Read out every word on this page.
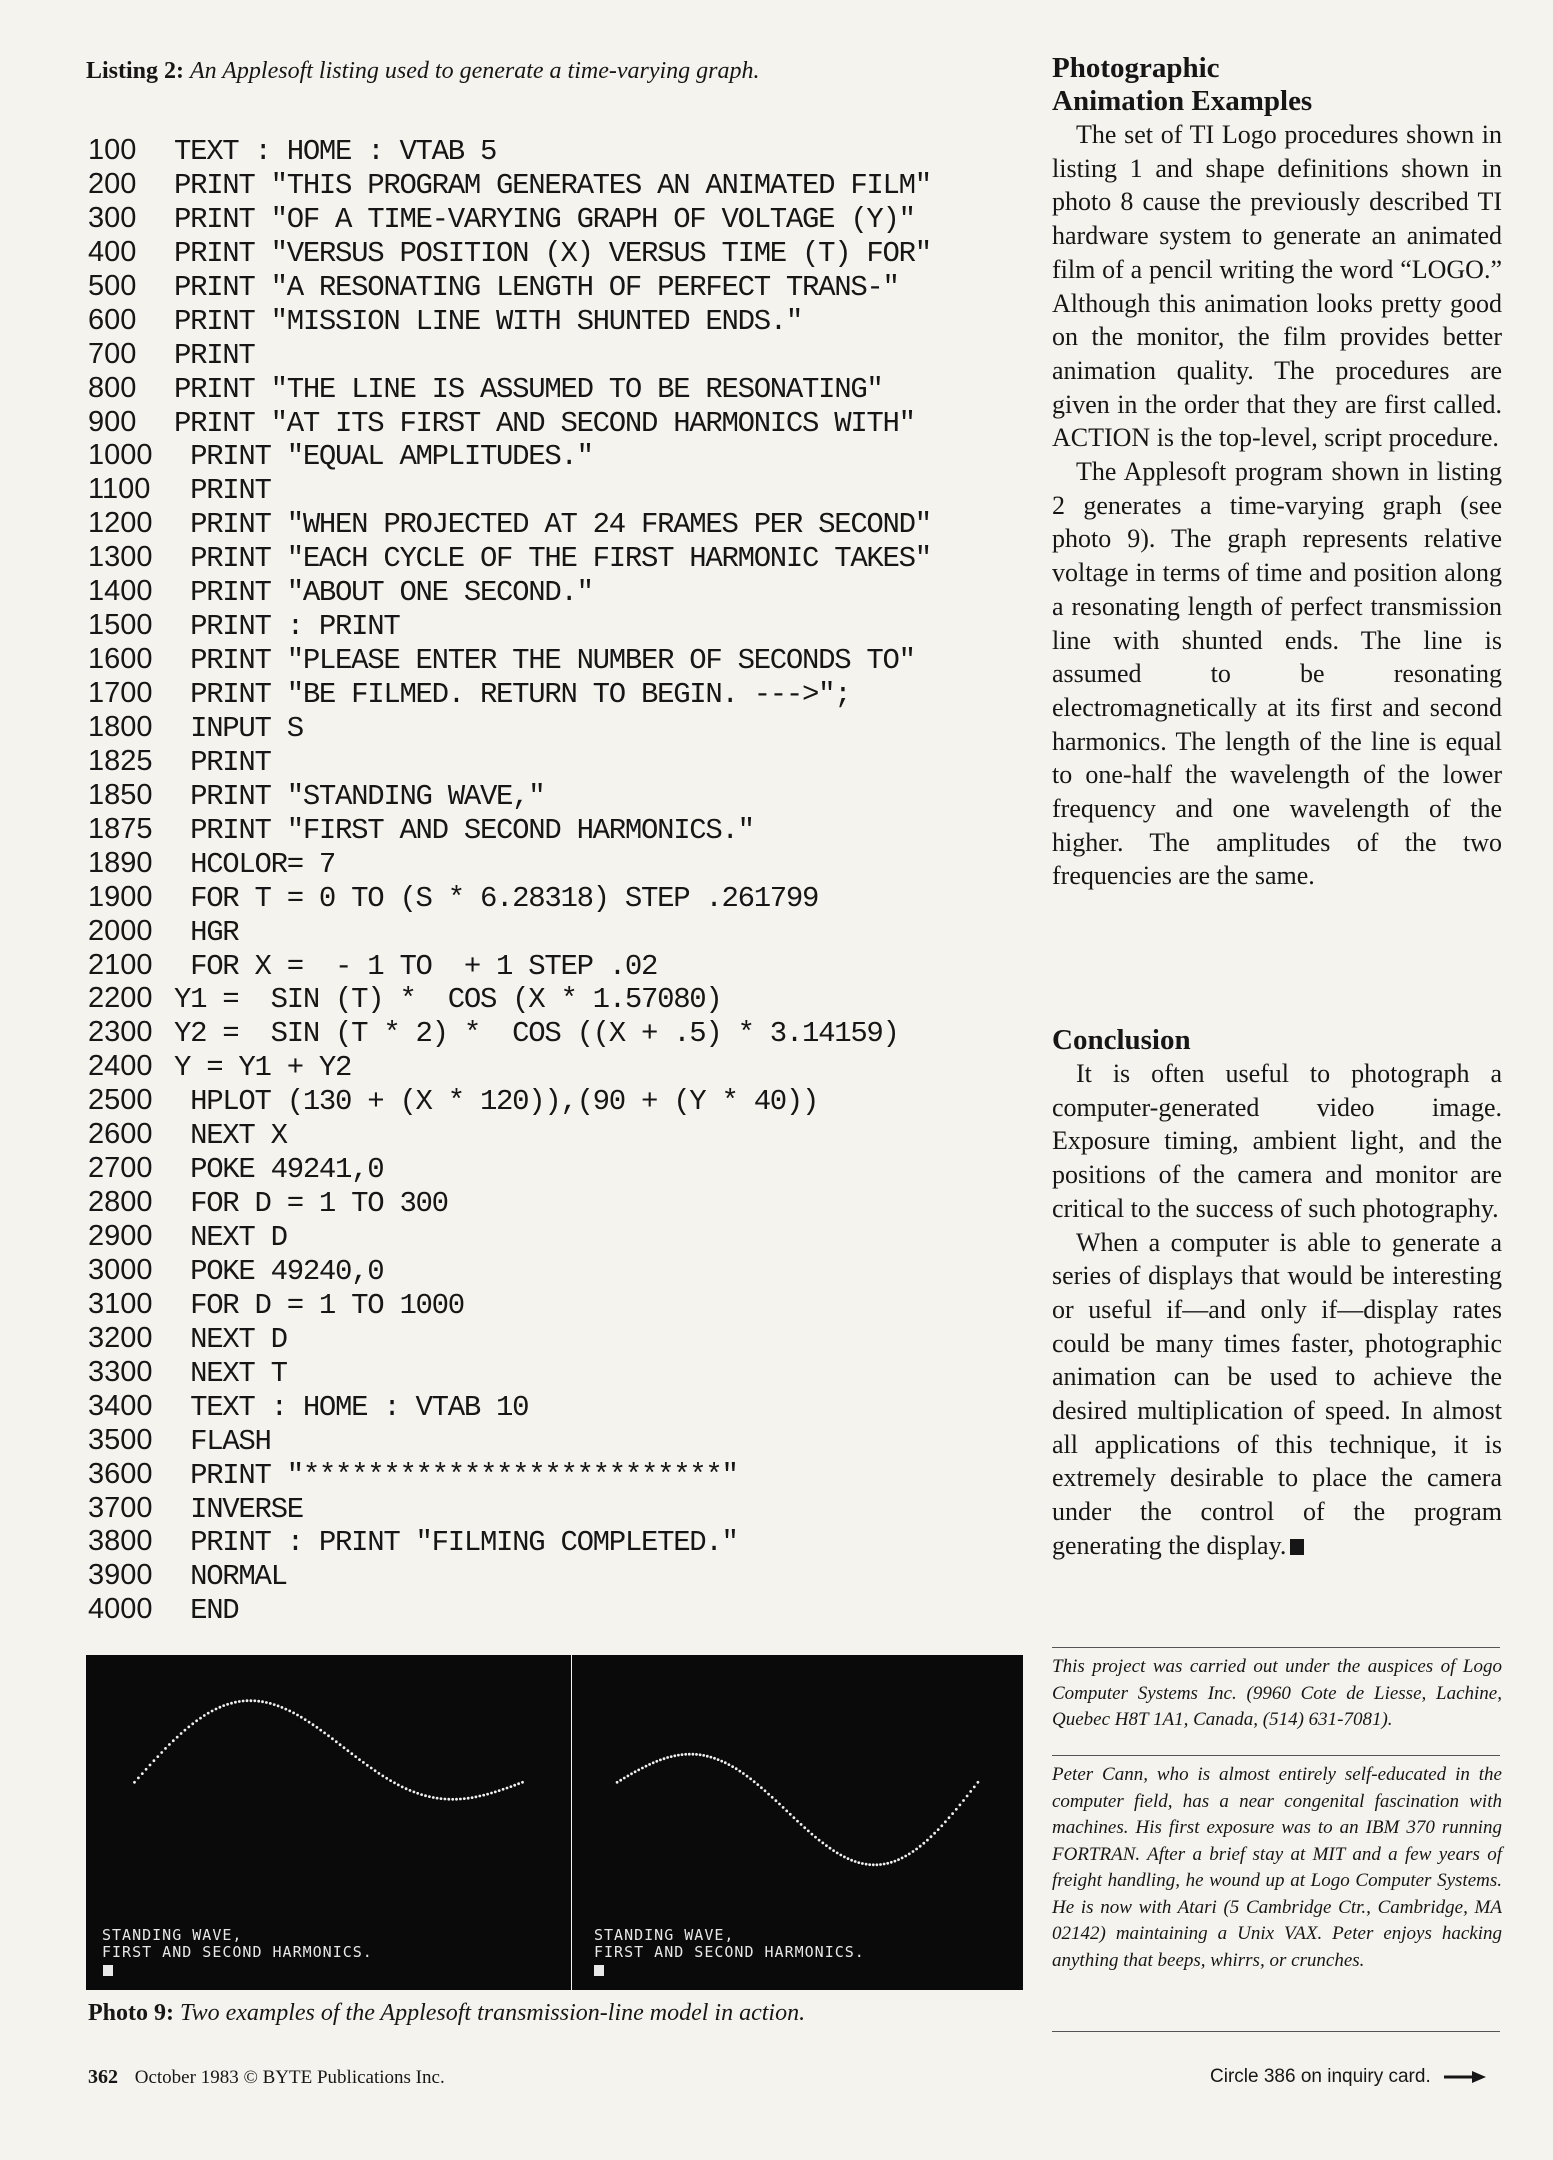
Listing 2: An Applesoft listing used to generate a time-varying graph.
100 TEXT : HOME : VTAB 5
200 PRINT "THIS PROGRAM GENERATES AN ANIMATED FILM"
300 PRINT "OF A TIME-VARYING GRAPH OF VOLTAGE (Y)"
400 PRINT "VERSUS POSITION (X) VERSUS TIME (T) FOR"
500 PRINT "A RESONATING LENGTH OF PERFECT TRANS-"
600 PRINT "MISSION LINE WITH SHUNTED ENDS."
700 PRINT
800 PRINT "THE LINE IS ASSUMED TO BE RESONATING"
900 PRINT "AT ITS FIRST AND SECOND HARMONICS WITH"
1000 PRINT "EQUAL AMPLITUDES."
1100 PRINT
1200 PRINT "WHEN PROJECTED AT 24 FRAMES PER SECOND"
1300 PRINT "EACH CYCLE OF THE FIRST HARMONIC TAKES"
1400 PRINT "ABOUT ONE SECOND."
1500 PRINT : PRINT
1600 PRINT "PLEASE ENTER THE NUMBER OF SECONDS TO"
1700 PRINT "BE FILMED. RETURN TO BEGIN. --->";
1800 INPUT S
1825 PRINT
1850 PRINT "STANDING WAVE,"
1875 PRINT "FIRST AND SECOND HARMONICS."
1890 HCOLOR= 7
1900 FOR T = 0 TO (S * 6.28318) STEP .261799
2000 HGR
2100 FOR X =  - 1 TO  + 1 STEP .02
2200 Y1 =  SIN (T) *  COS (X * 1.57080)
2300 Y2 =  SIN (T * 2) *  COS ((X + .5) * 3.14159)
2400 Y = Y1 + Y2
2500 HPLOT (130 + (X * 120)),(90 + (Y * 40))
2600 NEXT X
2700 POKE 49241,0
2800 FOR D = 1 TO 300
2900 NEXT D
3000 POKE 49240,0
3100 FOR D = 1 TO 1000
3200 NEXT D
3300 NEXT T
3400 TEXT : HOME : VTAB 10
3500 FLASH
3600 PRINT "**************************"
3700 INVERSE
3800 PRINT : PRINT "FILMING COMPLETED."
3900 NORMAL
4000 END
STANDING WAVE,
FIRST AND SECOND HARMONICS.
STANDING WAVE,
FIRST AND SECOND HARMONICS.
Photo 9: Two examples of the Applesoft transmission-line model in action.
Photographic
Animation Examples

The set of TI Logo procedures shown in listing 1 and shape definitions shown in photo 8 cause the previously described TI hardware system to generate an animated film of a pencil writing the word “LOGO.” Although this animation looks pretty good on the monitor, the film provides better animation quality. The procedures are given in the order that they are first called. ACTION is the top-level, script procedure.

The Applesoft program shown in listing 2 generates a time-varying graph (see photo 9). The graph represents relative voltage in terms of time and position along a resonating length of perfect transmission line with shunted ends. The line is assumed to be resonating electromagnetically at its first and second harmonics. The length of the line is equal to one-half the wavelength of the lower frequency and one wavelength of the higher. The amplitudes of the two frequencies are the same.

Conclusion

It is often useful to photograph a computer-generated video image. Exposure timing, ambient light, and the positions of the camera and monitor are critical to the success of such photography.

When a computer is able to generate a series of displays that would be interesting or useful if—and only if—display rates could be many times faster, photographic animation can be used to achieve the desired multiplication of speed. In almost all applications of this technique, it is extremely desirable to place the camera under the control of the program generating the display.

This project was carried out under the auspices of Logo Computer Systems Inc. (9960 Cote de Liesse, Lachine, Quebec H8T 1A1, Canada, (514) 631-7081).
Peter Cann, who is almost entirely self-educated in the computer field, has a near congenital fascination with machines. His first exposure was to an IBM 370 running FORTRAN. After a brief stay at MIT and a few years of freight handling, he wound up at Logo Computer Systems. He is now with Atari (5 Cambridge Ctr., Cambridge, MA 02142) maintaining a Unix VAX. Peter enjoys hacking anything that beeps, whirrs, or crunches.
362 October 1983 © BYTE Publications Inc.	Circle 386 on inquiry card.
